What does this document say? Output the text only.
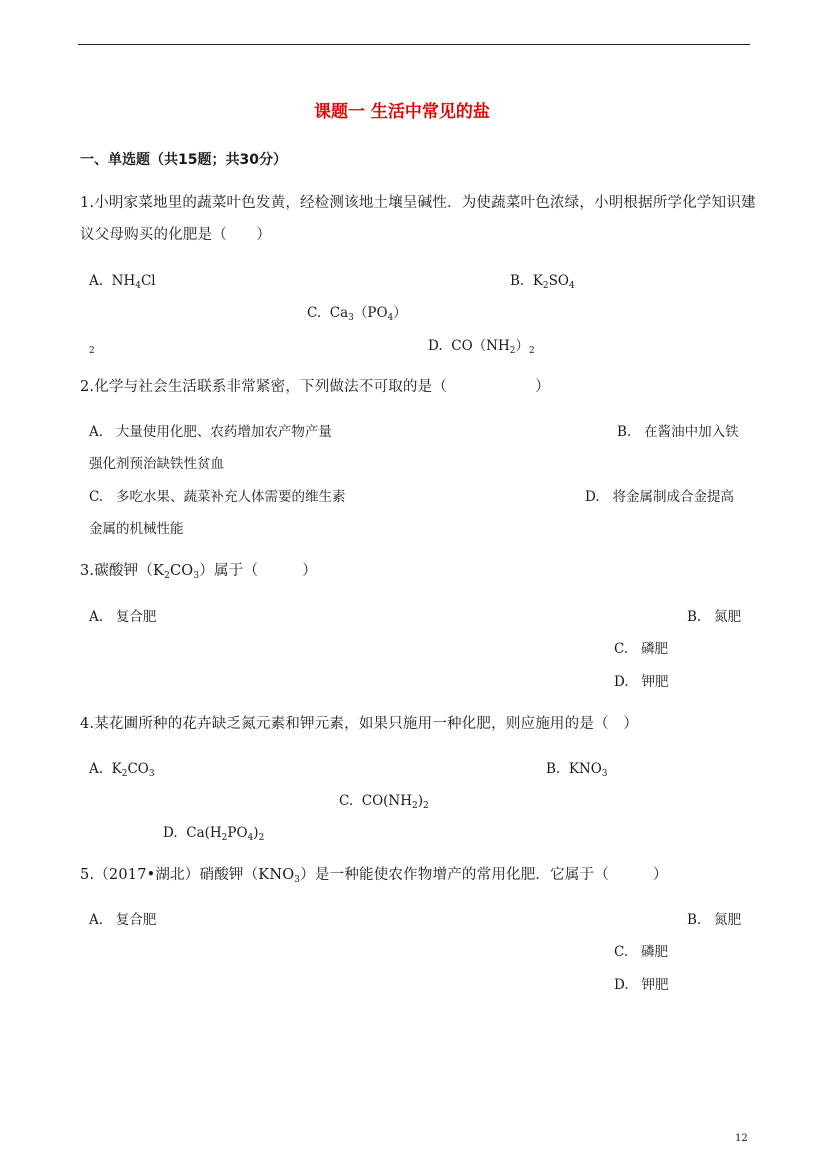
课题一 生活中常见的盐
一、单选题（共15题；共30分）
1.小明家菜地里的蔬菜叶色发黄，经检测该地土壤呈碱性．为使蔬菜叶色浓绿，小明根据所学化学知识建
议父母购买的化肥是（　　）
A. $NH_4Cl$	B. $K_2SO_4$
C. $Ca_3(PO_4)$
2	D. $CO(NH_2)_2$
2.化学与社会生活联系非常紧密，下列做法不可取的是（　　　　　　）
A. 大量使用化肥、农药增加农产物产量	B. 在酱油中加入铁
强化剂预治缺铁性贫血
C. 多吃水果、蔬菜补充人体需要的维生素	D. 将金属制成合金提高
金属的机械性能
3.碳酸钾$(K_2CO_3)$属于（　　　）
A. 复合肥	B. 氮肥
C. 磷肥
D. 钾肥
4.某花圃所种的花卉缺乏氮元素和钾元素，如果只施用一种化肥，则应施用的是（　）
A. $K_2CO_3$	B. $KNO_3$
C. $CO(NH_2)_2$
D. $Ca(H_2PO_4)_2$
5.（2017•湖北）硝酸钾$(KNO_3)$是一种能使农作物增产的常用化肥．它属于（　　　）
A. 复合肥	B. 氮肥
C. 磷肥
D. 钾肥
12
